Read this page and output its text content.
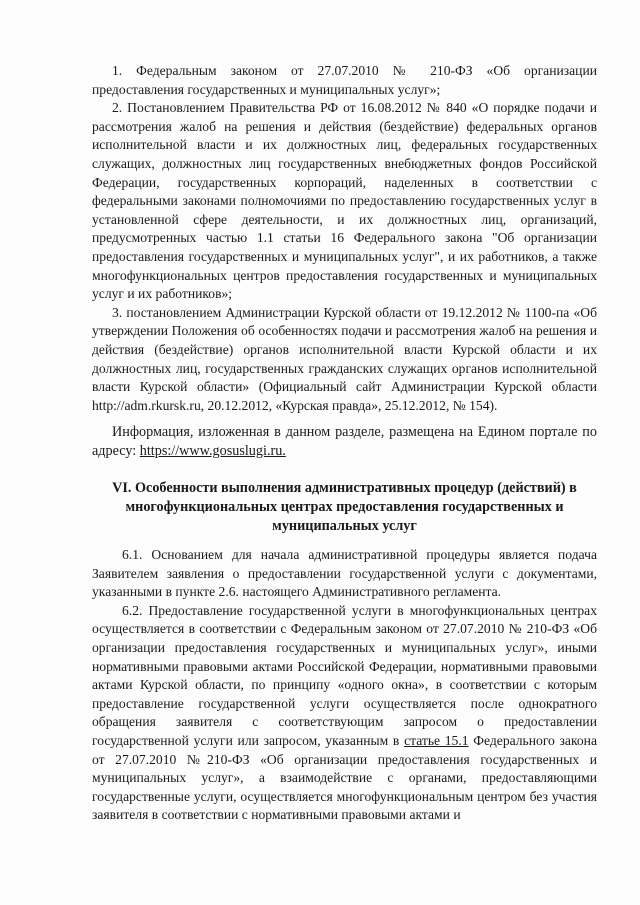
1. Федеральным законом от 27.07.2010 № 210-ФЗ «Об организации предоставления государственных и муниципальных услуг»;

2. Постановлением Правительства РФ от 16.08.2012 № 840 «О порядке подачи и рассмотрения жалоб на решения и действия (бездействие) федеральных органов исполнительной власти и их должностных лиц, федеральных государственных служащих, должностных лиц государственных внебюджетных фондов Российской Федерации, государственных корпораций, наделенных в соответствии с федеральными законами полномочиями по предоставлению государственных услуг в установленной сфере деятельности, и их должностных лиц, организаций, предусмотренных частью 1.1 статьи 16 Федерального закона "Об организации предоставления государственных и муниципальных услуг", и их работников, а также многофункциональных центров предоставления государственных и муниципальных услуг и их работников»;

3. постановлением Администрации Курской области от 19.12.2012 № 1100-па «Об утверждении Положения об особенностях подачи и рассмотрения жалоб на решения и действия (бездействие) органов исполнительной власти Курской области и их должностных лиц, государственных гражданских служащих органов исполнительной власти Курской области» (Официальный сайт Администрации Курской области http://adm.rkursk.ru, 20.12.2012, «Курская правда», 25.12.2012, № 154).

Информация, изложенная в данном разделе, размещена на Едином портале по адресу: https://www.gosuslugi.ru.

VI. Особенности выполнения административных процедур (действий) в многофункциональных центрах предоставления государственных и муниципальных услуг

6.1. Основанием для начала административной процедуры является подача Заявителем заявления о предоставлении государственной услуги с документами, указанными в пункте 2.6. настоящего Административного регламента.

6.2. Предоставление государственной услуги в многофункциональных центрах осуществляется в соответствии с Федеральным законом от 27.07.2010 № 210-ФЗ «Об организации предоставления государственных и муниципальных услуг», иными нормативными правовыми актами Российской Федерации, нормативными правовыми актами Курской области, по принципу «одного окна», в соответствии с которым предоставление государственной услуги осуществляется после однократного обращения заявителя с соответствующим запросом о предоставлении государственной услуги или запросом, указанным в статье 15.1 Федерального закона от 27.07.2010 №210-ФЗ «Об организации предоставления государственных и муниципальных услуг», а взаимодействие с органами, предоставляющими государственные услуги, осуществляется многофункциональным центром без участия заявителя в соответствии с нормативными правовыми актами и
